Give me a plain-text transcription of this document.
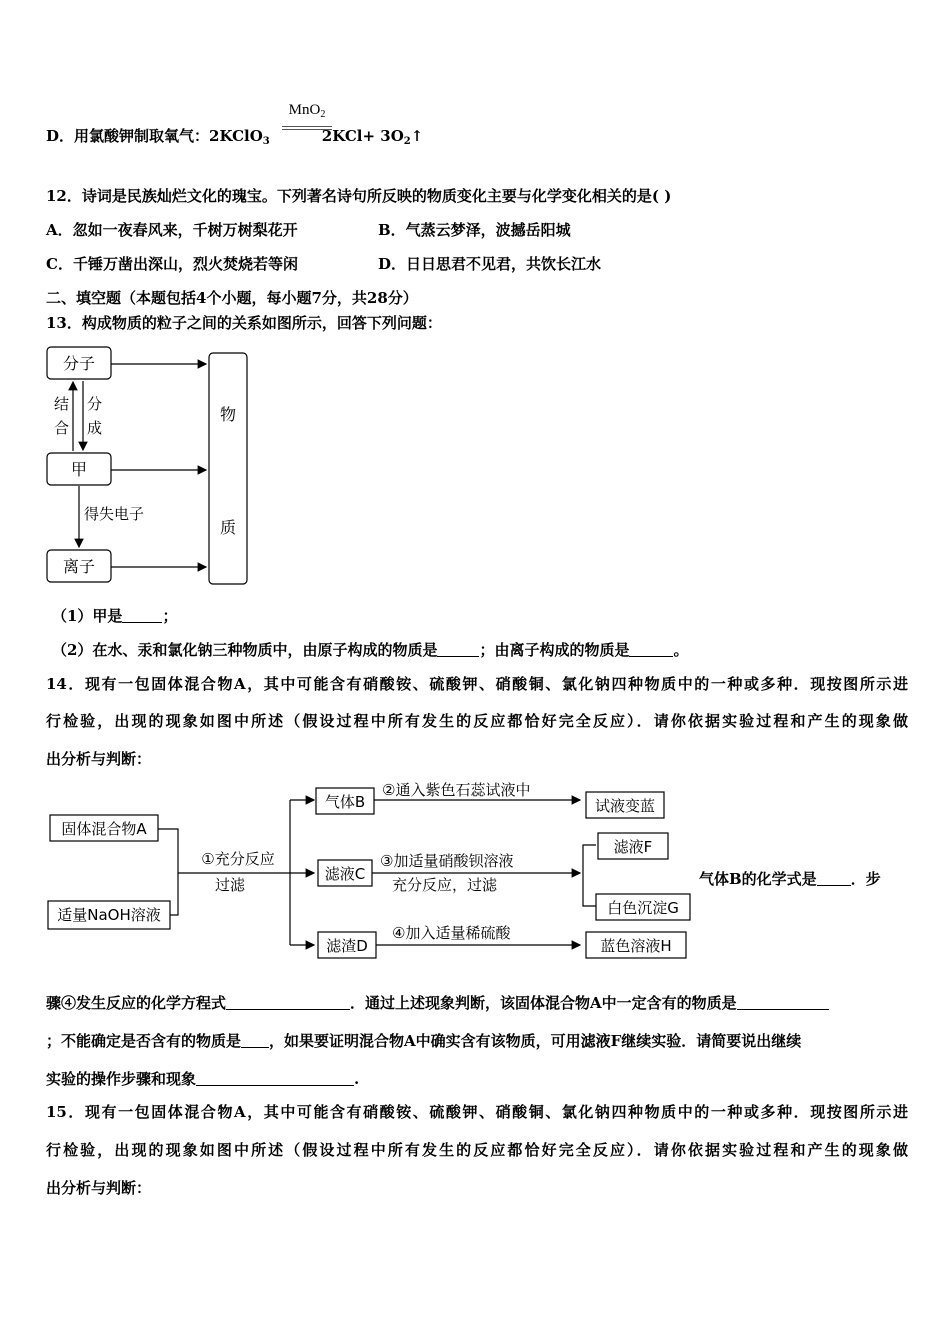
MnO$_2$
D．用氯酸钾制取氧气：2KClO$_3$	$2KCl+ 3O_2↑$
12．诗词是民族灿烂文化的瑰宝。下列著名诗句所反映的物质变化主要与化学变化相关的是( )
A．忽如一夜春风来，千树万树梨花开	B．气蒸云梦泽，波撼岳阳城
C．千锤万凿出深山，烈火焚烧若等闲	D．日日思君不见君，共饮长江水
二、填空题（本题包括4个小题，每小题7分，共28分）
13．构成物质的粒子之间的关系如图所示，回答下列问题：
分子
甲
离子
物
质
结
合
分
成
得失电子
（1）甲是	；
（2）在水、汞和氯化钠三种物质中，由原子构成的物质是	；由离子构成的物质是	。
14．现有一包固体混合物A，其中可能含有硝酸铵、硫酸钾、硝酸铜、氯化钠四种物质中的一种或多种．现按图所示进
行检验，出现的现象如图中所述（假设过程中所有发生的反应都恰好完全反应）．请你依据实验过程和产生的现象做
出分析与判断：
固体混合物A
适量NaOH溶液
①充分反应
过滤
气体B
滤液C
滤渣D
②通入紫色石蕊试液中
试液变蓝
③加适量硝酸钡溶液
充分反应，过滤
滤液F
白色沉淀G
④加入适量稀硫酸
蓝色溶液H
气体B的化学式是 ．步
骤④发生反应的化学方程式	．通过上述现象判断，该固体混合物A中一定含有的物质是
；不能确定是否含有的物质是 ，如果要证明混合物A中确实含有该物质，可用滤液F继续实验．请简要说出继续
实验的操作步骤和现象	.
15．现有一包固体混合物A，其中可能含有硝酸铵、硫酸钾、硝酸铜、氯化钠四种物质中的一种或多种．现按图所示进
行检验，出现的现象如图中所述（假设过程中所有发生的反应都恰好完全反应）．请你依据实验过程和产生的现象做
出分析与判断：
